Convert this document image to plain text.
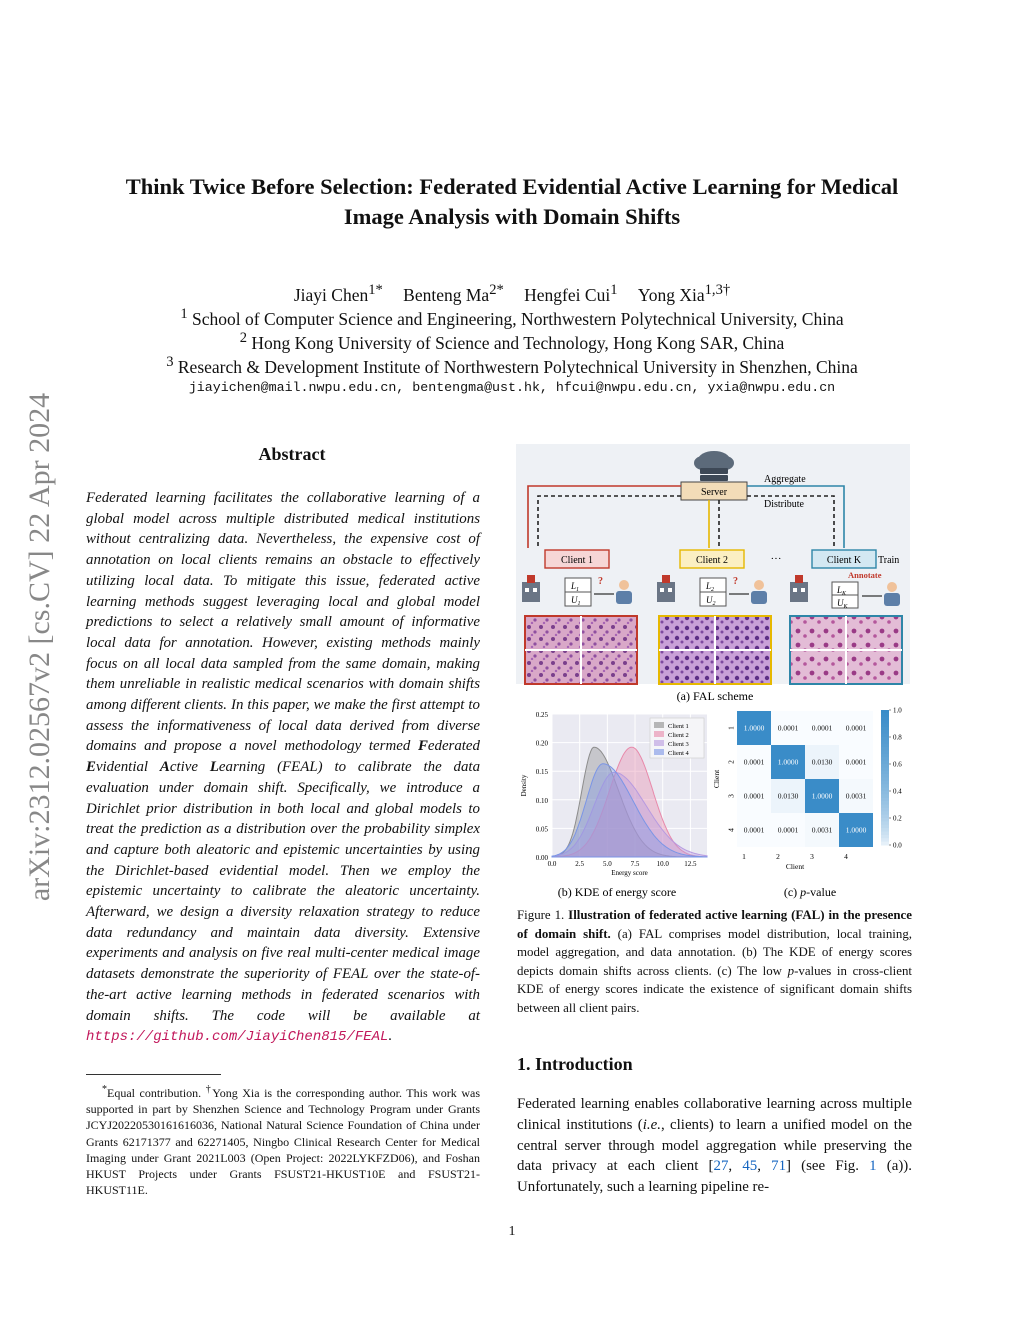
arXiv:2312.02567v2 [cs.CV] 22 Apr 2024
Think Twice Before Selection: Federated Evidential Active Learning for Medical
Image Analysis with Domain Shifts
Jiayi Chen$^{1*}$ Benteng $Ma^{2*}$ Hengfei Cui$^1$ Yong Xia$^{1,3\dagger}$
$^1$ School of Computer Science and Engineering, Northwestern Polytechnical University, China
$^2$ Hong Kong University of Science and Technology, Hong Kong SAR, China
$^3$ Research & Development Institute of Northwestern Polytechnical University in Shenzhen, China
jiayichen@mail.nwpu.edu.cn, bentengma@ust.hk, hfcui@nwpu.edu.cn, yxia@nwpu.edu.cn
Abstract
Federated learning facilitates the collaborative learning of a global model across multiple distributed medical institutions without centralizing data. Nevertheless, the expensive cost of annotation on local clients remains an obstacle to effectively utilizing local data. To mitigate this issue, federated active learning methods suggest leveraging local and global model predictions to select a relatively small amount of informative local data for annotation. However, existing methods mainly focus on all local data sampled from the same domain, making them unreliable in realistic medical scenarios with domain shifts among different clients. In this paper, we make the first attempt to assess the informativeness of local data derived from diverse domains and propose a novel methodology termed Federated Evidential Active Learning (FEAL) to calibrate the data evaluation under domain shift. Specifically, we introduce a Dirichlet prior distribution in both local and global models to treat the prediction as a distribution over the probability simplex and capture both aleatoric and epistemic uncertainties by using the Dirichlet-based evidential model. Then we employ the epistemic uncertainty to calibrate the aleatoric uncertainty. Afterward, we design a diversity relaxation strategy to reduce data redundancy and maintain data diversity. Extensive experiments and analysis on five real multi-center medical image datasets demonstrate the superiority of FEAL over the state-of-the-art active learning methods in federated scenarios with domain shifts. The code will be available at https://github.com/JiayiChen815/FEAL.
*Equal contribution. †Yong Xia is the corresponding author. This work was supported in part by Shenzhen Science and Technology Program under Grants JCYJ20220530161616036, National Natural Science Foundation of China under Grants 62171377 and 62271405, Ningbo Clinical Research Center for Medical Imaging under Grant 2021L003 (Open Project: 2022LYKFZD06), and Foshan HKUST Projects under Grants FSUST21-HKUST10E and FSUST21-HKUST11E.
Server
Aggregate
Distribute
Client 1	Client 2	···	Client K Train
Annotate
$L_1$
$U_1$
?	$L_2$
$U_2$
?
$L_K$
$U_K$
(a) FAL scheme
0.00
0.05
0.10
0.15
0.20
0.25
0.0	2.5	5.0	7.5 10.0 12.5
Energy score
Density
Client 1
Client 2
Client 3
Client 4
1.0000 0.0001 0.0001 0.0001
1
1
0.0001 1.0000 0.0130 0.0001
2
2
0.0001 0.0130 1.0000 0.0031
3
3
0.0001 0.0001 0.0031 1.0000
4
4
Client
Client
0.0
0.2
0.4
0.6
0.8
1.0
(b) KDE of energy score	(c) p-value
Figure 1. Illustration of federated active learning (FAL) in the presence of domain shift. (a) FAL comprises model distribution, local training, model aggregation, and data annotation. (b) The KDE of energy scores depicts domain shifts across clients. (c) The low p-values in cross-client KDE of energy scores indicate the existence of significant domain shifts between all client pairs.
1. Introduction
Federated learning enables collaborative learning across multiple clinical institutions (i.e., clients) to learn a unified model on the central server through model aggregation while preserving the data privacy at each client [27, 45, 71] (see Fig. 1 (a)). Unfortunately, such a learning pipeline re-
1
